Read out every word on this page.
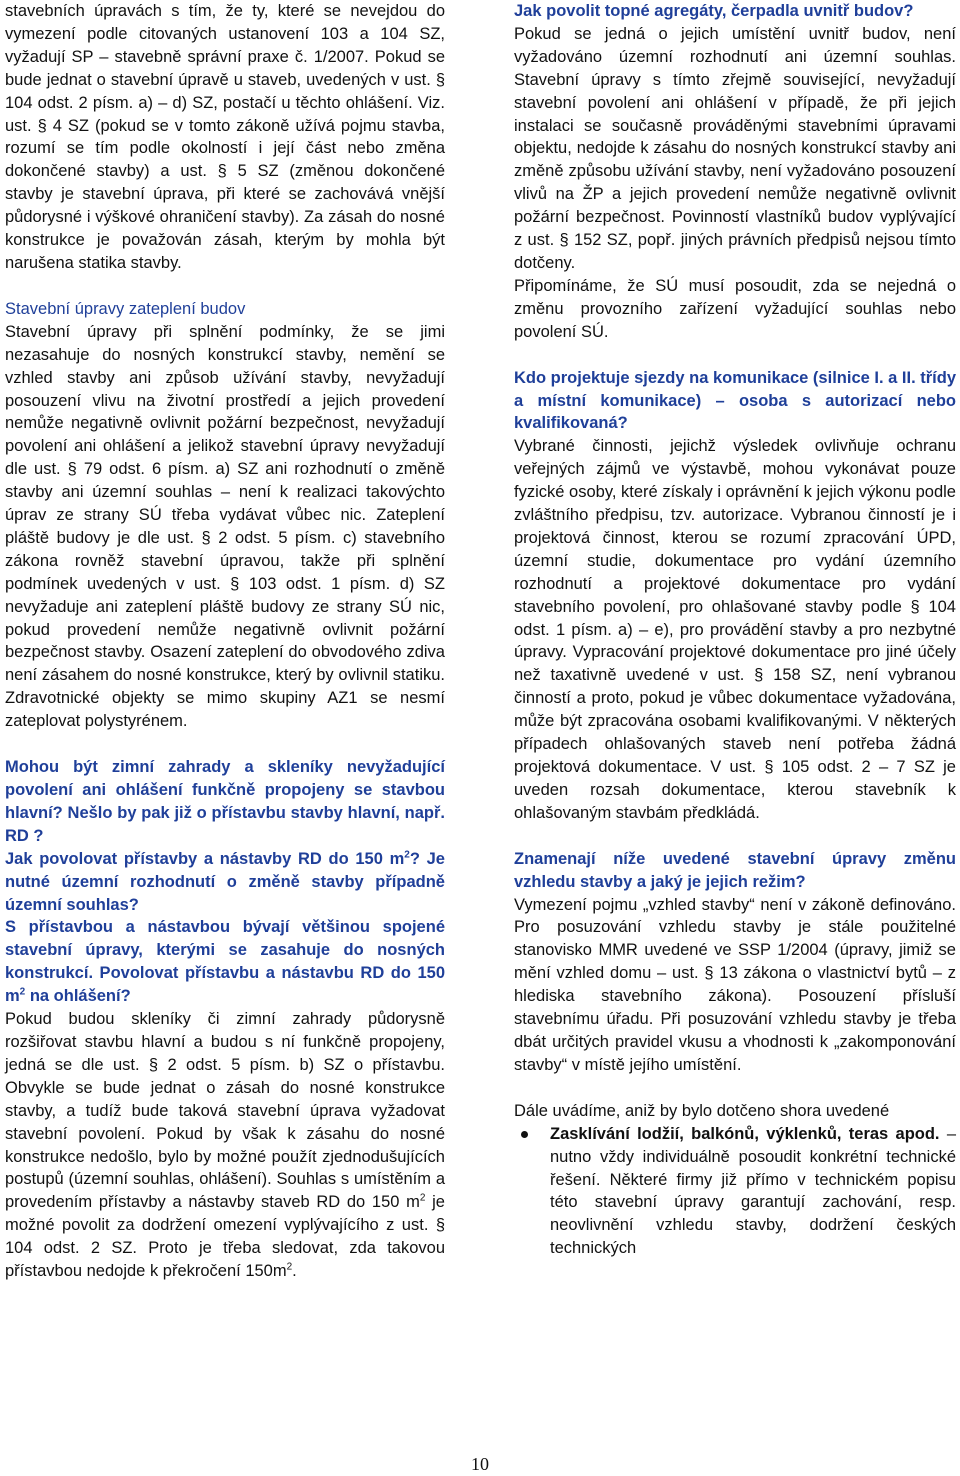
stavebních úpravách s tím, že ty, které se nevejdou do vymezení podle citovaných ustanovení 103 a 104 SZ, vyžadují SP – stavebně správní praxe č. 1/2007. Pokud se bude jednat o stavební úpravě u staveb, uvedených v ust. § 104 odst. 2 písm. a) – d) SZ, postačí u těchto ohlášení. Viz. ust. § 4 SZ (pokud se v tomto zákoně užívá pojmu stavba, rozumí se tím podle okolností i její část nebo změna dokončené stavby) a ust. § 5 SZ (změnou dokončené stavby je stavební úprava, při které se zachovává vnější půdorysné i výškové ohraničení stavby). Za zásah do nosné konstrukce je považován zásah, kterým by mohla být narušena statika stavby.

Stavební úpravy zateplení budov

Stavební úpravy při splnění podmínky, že se jimi nezasahuje do nosných konstrukcí stavby, nemění se vzhled stavby ani způsob užívání stavby, nevyžadují posouzení vlivu na životní prostředí a jejich provedení nemůže negativně ovlivnit požární bezpečnost, nevyžadují povolení ani ohlášení a jelikož stavební úpravy nevyžadují dle ust. § 79 odst. 6 písm. a) SZ ani rozhodnutí o změně stavby ani územní souhlas – není k realizaci takovýchto úprav ze strany SÚ třeba vydávat vůbec nic. Zateplení pláště budovy je dle ust. § 2 odst. 5 písm. c) stavebního zákona rovněž stavební úpravou, takže při splnění podmínek uvedených v ust. § 103 odst. 1 písm. d) SZ nevyžaduje ani zateplení pláště budovy ze strany SÚ nic, pokud provedení nemůže negativně ovlivnit požární bezpečnost stavby. Osazení zateplení do obvodového zdiva není zásahem do nosné konstrukce, který by ovlivnil statiku. Zdravotnické objekty se mimo skupiny AZ1 se nesmí zateplovat polystyrénem.

Mohou být zimní zahrady a skleníky nevyžadující povolení ani ohlášení funkčně propojeny se stavbou hlavní? Nešlo by pak již o přístavbu stavby hlavní, např. RD ?

Jak povolovat přístavby a nástavby RD do 150 $m^2$? Je nutné územní rozhodnutí o změně stavby případně územní souhlas?

S přístavbou a nástavbou bývají většinou spojené stavební úpravy, kterými se zasahuje do nosných konstrukcí. Povolovat přístavbu a nástavbu RD do 150 $m^2$ na ohlášení?

Pokud budou skleníky či zimní zahrady půdorysně rozšiřovat stavbu hlavní a budou s ní funkčně propojeny, jedná se dle ust. § 2 odst. 5 písm. b) SZ o přístavbu. Obvykle se bude jednat o zásah do nosné konstrukce stavby, a tudíž bude taková stavební úprava vyžadovat stavební povolení. Pokud by však k zásahu do nosné konstrukce nedošlo, bylo by možné použít zjednodušujících postupů (územní souhlas, ohlášení). Souhlas s umístěním a provedením přístavby a nástavby staveb RD do 150 $m^2$ je možné povolit za dodržení omezení vyplývajícího z ust. § 104 odst. 2 SZ. Proto je třeba sledovat, zda takovou přístavbou nedojde k překročení $150m^2$.

Jak povolit topné agregáty, čerpadla uvnitř budov?

Pokud se jedná o jejich umístění uvnitř budov, není vyžadováno územní rozhodnutí ani územní souhlas. Stavební úpravy s tímto zřejmě související, nevyžadují stavební povolení ani ohlášení v případě, že při jejich instalaci se současně prováděnými stavebními úpravami objektu, nedojde k zásahu do nosných konstrukcí stavby ani změně způsobu užívání stavby, není vyžadováno posouzení vlivů na ŽP a jejich provedení nemůže negativně ovlivnit požární bezpečnost. Povinností vlastníků budov vyplývající z ust. § 152 SZ, popř. jiných právních předpisů nejsou tímto dotčeny.

Připomínáme, že SÚ musí posoudit, zda se nejedná o změnu provozního zařízení vyžadující souhlas nebo povolení SÚ.

Kdo projektuje sjezdy na komunikace (silnice I. a II. třídy a místní komunikace) – osoba s autorizací nebo kvalifikovaná?

Vybrané činnosti, jejichž výsledek ovlivňuje ochranu veřejných zájmů ve výstavbě, mohou vykonávat pouze fyzické osoby, které získaly i oprávnění k jejich výkonu podle zvláštního předpisu, tzv. autorizace. Vybranou činností je i projektová činnost, kterou se rozumí zpracování ÚPD, územní studie, dokumentace pro vydání územního rozhodnutí a projektové dokumentace pro vydání stavebního povolení, pro ohlašované stavby podle § 104 odst. 1 písm. a) – e), pro provádění stavby a pro nezbytné úpravy. Vypracování projektové dokumentace pro jiné účely než taxativně uvedené v ust. § 158 SZ, není vybranou činností a proto, pokud je vůbec dokumentace vyžadována, může být zpracována osobami kvalifikovanými. V některých případech ohlašovaných staveb není potřeba žádná projektová dokumentace. V ust. § 105 odst. 2 – 7 SZ je uveden rozsah dokumentace, kterou stavebník k ohlašovaným stavbám předkládá.

Znamenají níže uvedené stavební úpravy změnu vzhledu stavby a jaký je jejich režim?

Vymezení pojmu „vzhled stavby“ není v zákoně definováno. Pro posuzování vzhledu stavby je stále použitelné stanovisko MMR uvedené ve SSP 1/2004 (úpravy, jimiž se mění vzhled domu – ust. § 13 zákona o vlastnictví bytů – z hlediska stavebního zákona). Posouzení přísluší stavebnímu úřadu. Při posuzování vzhledu stavby je třeba dbát určitých pravidel vkusu a vhodnosti k „zakomponování stavby“ v místě jejího umístění.

Dále uvádíme, aniž by bylo dotčeno shora uvedené

Zasklívání lodžií, balkónů, výklenků, teras apod. – nutno vždy individuálně posoudit konkrétní technické řešení. Některé firmy již přímo v technickém popisu této stavební úpravy garantují zachování, resp. neovlivnění vzhledu stavby, dodržení českých technických
10
